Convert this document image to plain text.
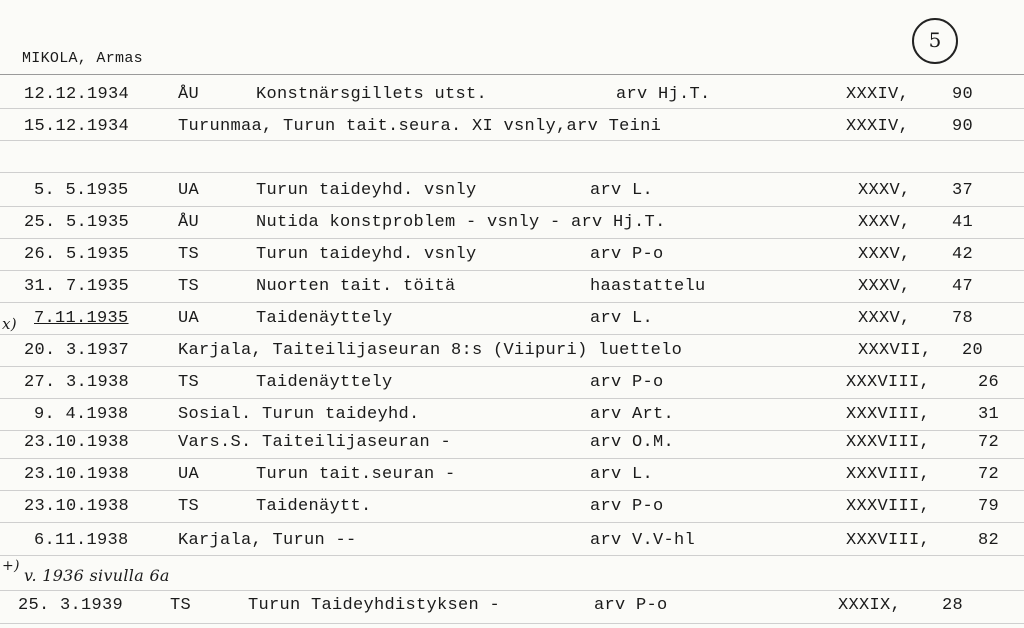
5
MIKOLA, Armas
12.12.1934	ÅU	Konstnärsgillets utst.	arv Hj.T.	XXXIV,	90
15.12.1934	Turunmaa, Turun tait.seura. XI vsnly,arv Teini	XXXIV,	90
5. 5.1935	UA	Turun taideyhd. vsnly	arv L.	XXXV, 37
25. 5.1935	ÅU	Nutida konstproblem - vsnly - arv Hj.T.	XXXV, 41
26. 5.1935	TS	Turun taideyhd. vsnly	arv P-o	XXXV, 42
31. 7.1935	TS	Nuorten tait. töitä	haastattelu	XXXV, 47
x) 7.11.1935	UA	Taidenäyttely	arv L.	XXXV, 78
20. 3.1937	Karjala, Taiteilijaseuran 8:s (Viipuri) luettelo	XXXVII, 20
27. 3.1938	TS	Taidenäyttely	arv P-o	XXXVIII,	26
9. 4.1938	Sosial. Turun taideyhd.	arv Art.	XXXVIII,	31
23.10.1938	Vars.S. Taiteilijaseuran -	arv O.M.	XXXVIII,	72
23.10.1938	UA	Turun tait.seuran -	arv L.	XXXVIII,	72
23.10.1938	TS	Taidenäytt.	arv P-o	XXXVIII,	79
6.11.1938	Karjala, Turun --	arv V.V-hl	XXXVIII,	82
+) v. 1936 sivulla 6a
25. 3.1939	TS	Turun Taideyhdistyksen -	arv P-o	XXXIX, 28
